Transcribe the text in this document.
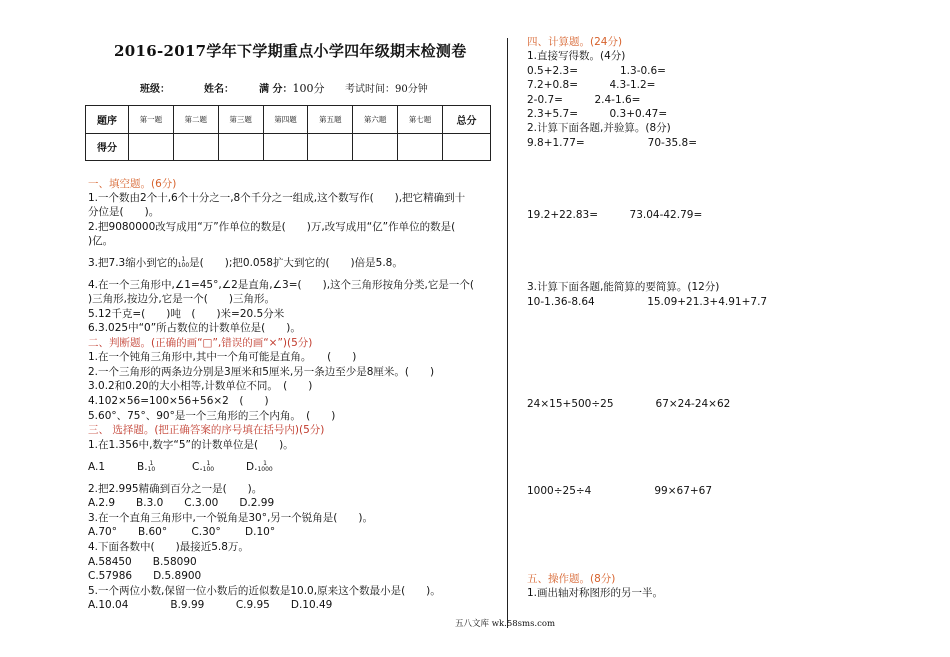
2016-2017学年下学期重点小学四年级期末检测卷
班级：	姓名：	满 分：100分 考试时间：90分钟
题序	第一题	第二题	第三题	第四题	第五题	第六题	第七题	总分
得分								
一、填空题。(6分)
1.一个数由2个十,6个十分之一,8个千分之一组成,这个数写作(　　),把它精确到十
分位是(　　)。
2.把9080000改写成用“万”作单位的数是(　　)万,改写成用“亿”作单位的数是(
)亿。
3.把7.3缩小到它的 1
100是(　　);把0.058扩大到它的(　　)倍是5.8。
4.在一个三角形中,∠1=45°,∠2是直角,∠3=(　　),这个三角形按角分类,它是一个(
)三角形,按边分,它是一个(　　)三角形。
5.12千克=(　　)吨　(　　)米=20.5分米
6.3.025中“0”所占数位的计数单位是(　　)。
二、判断题。(正确的画“□”,错误的画“×”)(5分)
1.在一个钝角三角形中,其中一个角可能是直角。　　(　　)
2.一个三角形的两条边分别是3厘米和5厘米,另一条边至少是8厘米。(　　)
3.0.2和0.20的大小相等,计数单位不同。　(　　)
4.102×56=100×56+56×2　(　　)
5.60°、75°、90°是一个三角形的三个内角。　(　　)
三、 选择题。(把正确答案的序号填在括号内)(5分)
1.在1.356中,数字“5”的计数单位是(　　)。
A.1	B. 1
10	C. 1
100	D. 1
1000
2.把2.995精确到百分之一是(　　)。
A.2.9　　B.3.0　　C.3.00　　D.2.99
3.在一个直角三角形中,一个锐角是30°,另一个锐角是(　　)。
A.70°　　B.60°　　 C.30°　　 D.10°
4.下面各数中(　　)最接近5.8万。
A.58450　　B.58090
C.57986　　D.5.8900
5.一个两位小数,保留一位小数后的近似数是10.0,原来这个数最小是(　　)。
A.10.04　　　　B.9.99　　　C.9.95　　D.10.49
四、计算题。(24分)
1.直接写得数。(4分)
0.5+2.3=　　　　1.3-0.6=
7.2+0.8=　　　4.3-1.2=
2-0.7=　　　2.4-1.6=
2.3+5.7=　　　0.3+0.47=
2.计算下面各题,并验算。(8分)
9.8+1.77=　　　　　　70-35.8=
19.2+22.83=　　　73.04-42.79=
3.计算下面各题,能简算的要简算。(12分)
10-1.36-8.64　　　　　15.09+21.3+4.91+7.7
24×15+500÷25　　　　67×24-24×62
1000÷25÷4　　　　　　99×67+67
五、操作题。(8分)
1.画出轴对称图形的另一半。
五八文库 wk.58sms.com
